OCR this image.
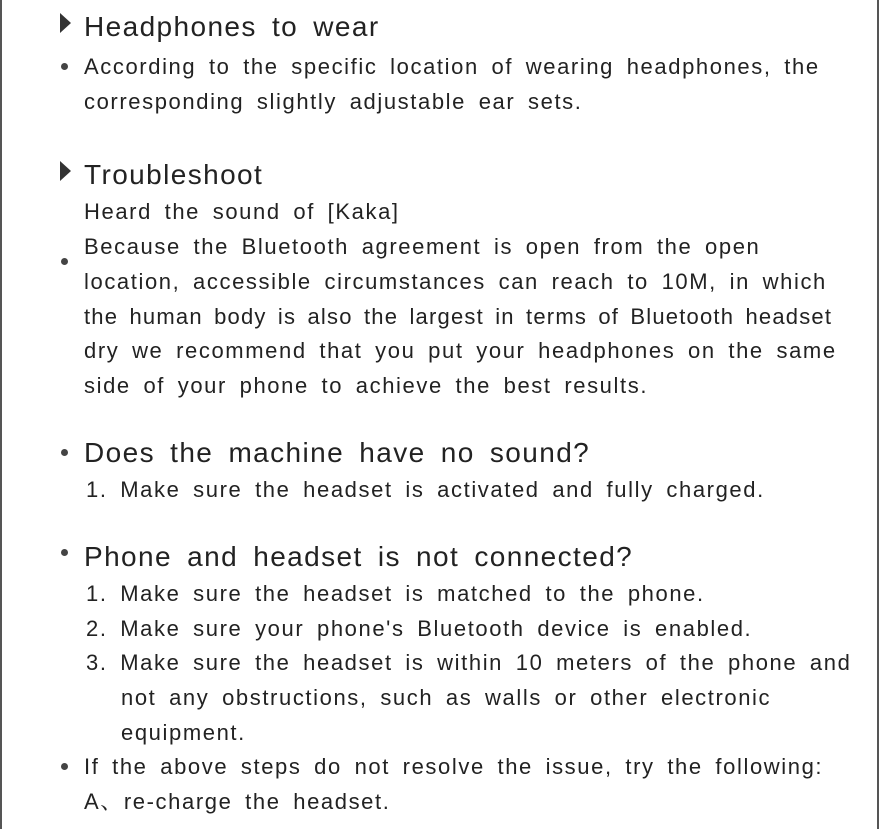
Headphones to wear
According to the specific location of wearing headphones, the
corresponding slightly adjustable ear sets.
Troubleshoot
Heard the sound of [Kaka]
Because the Bluetooth agreement is open from the open
location, accessible circumstances can reach to 10M, in which
the human body is also the largest in terms of Bluetooth headset
dry we recommend that you put your headphones on the same
side of your phone to achieve the best results.
Does the machine have no sound?
1. Make sure the headset is activated and fully charged.
Phone and headset is not connected?
1. Make sure the headset is matched to the phone.
2. Make sure your phone's Bluetooth device is enabled.
3. Make sure the headset is within 10 meters of the phone and
not any obstructions, such as walls or other electronic
equipment.
If the above steps do not resolve the issue, try the following:
A、re-charge the headset.
